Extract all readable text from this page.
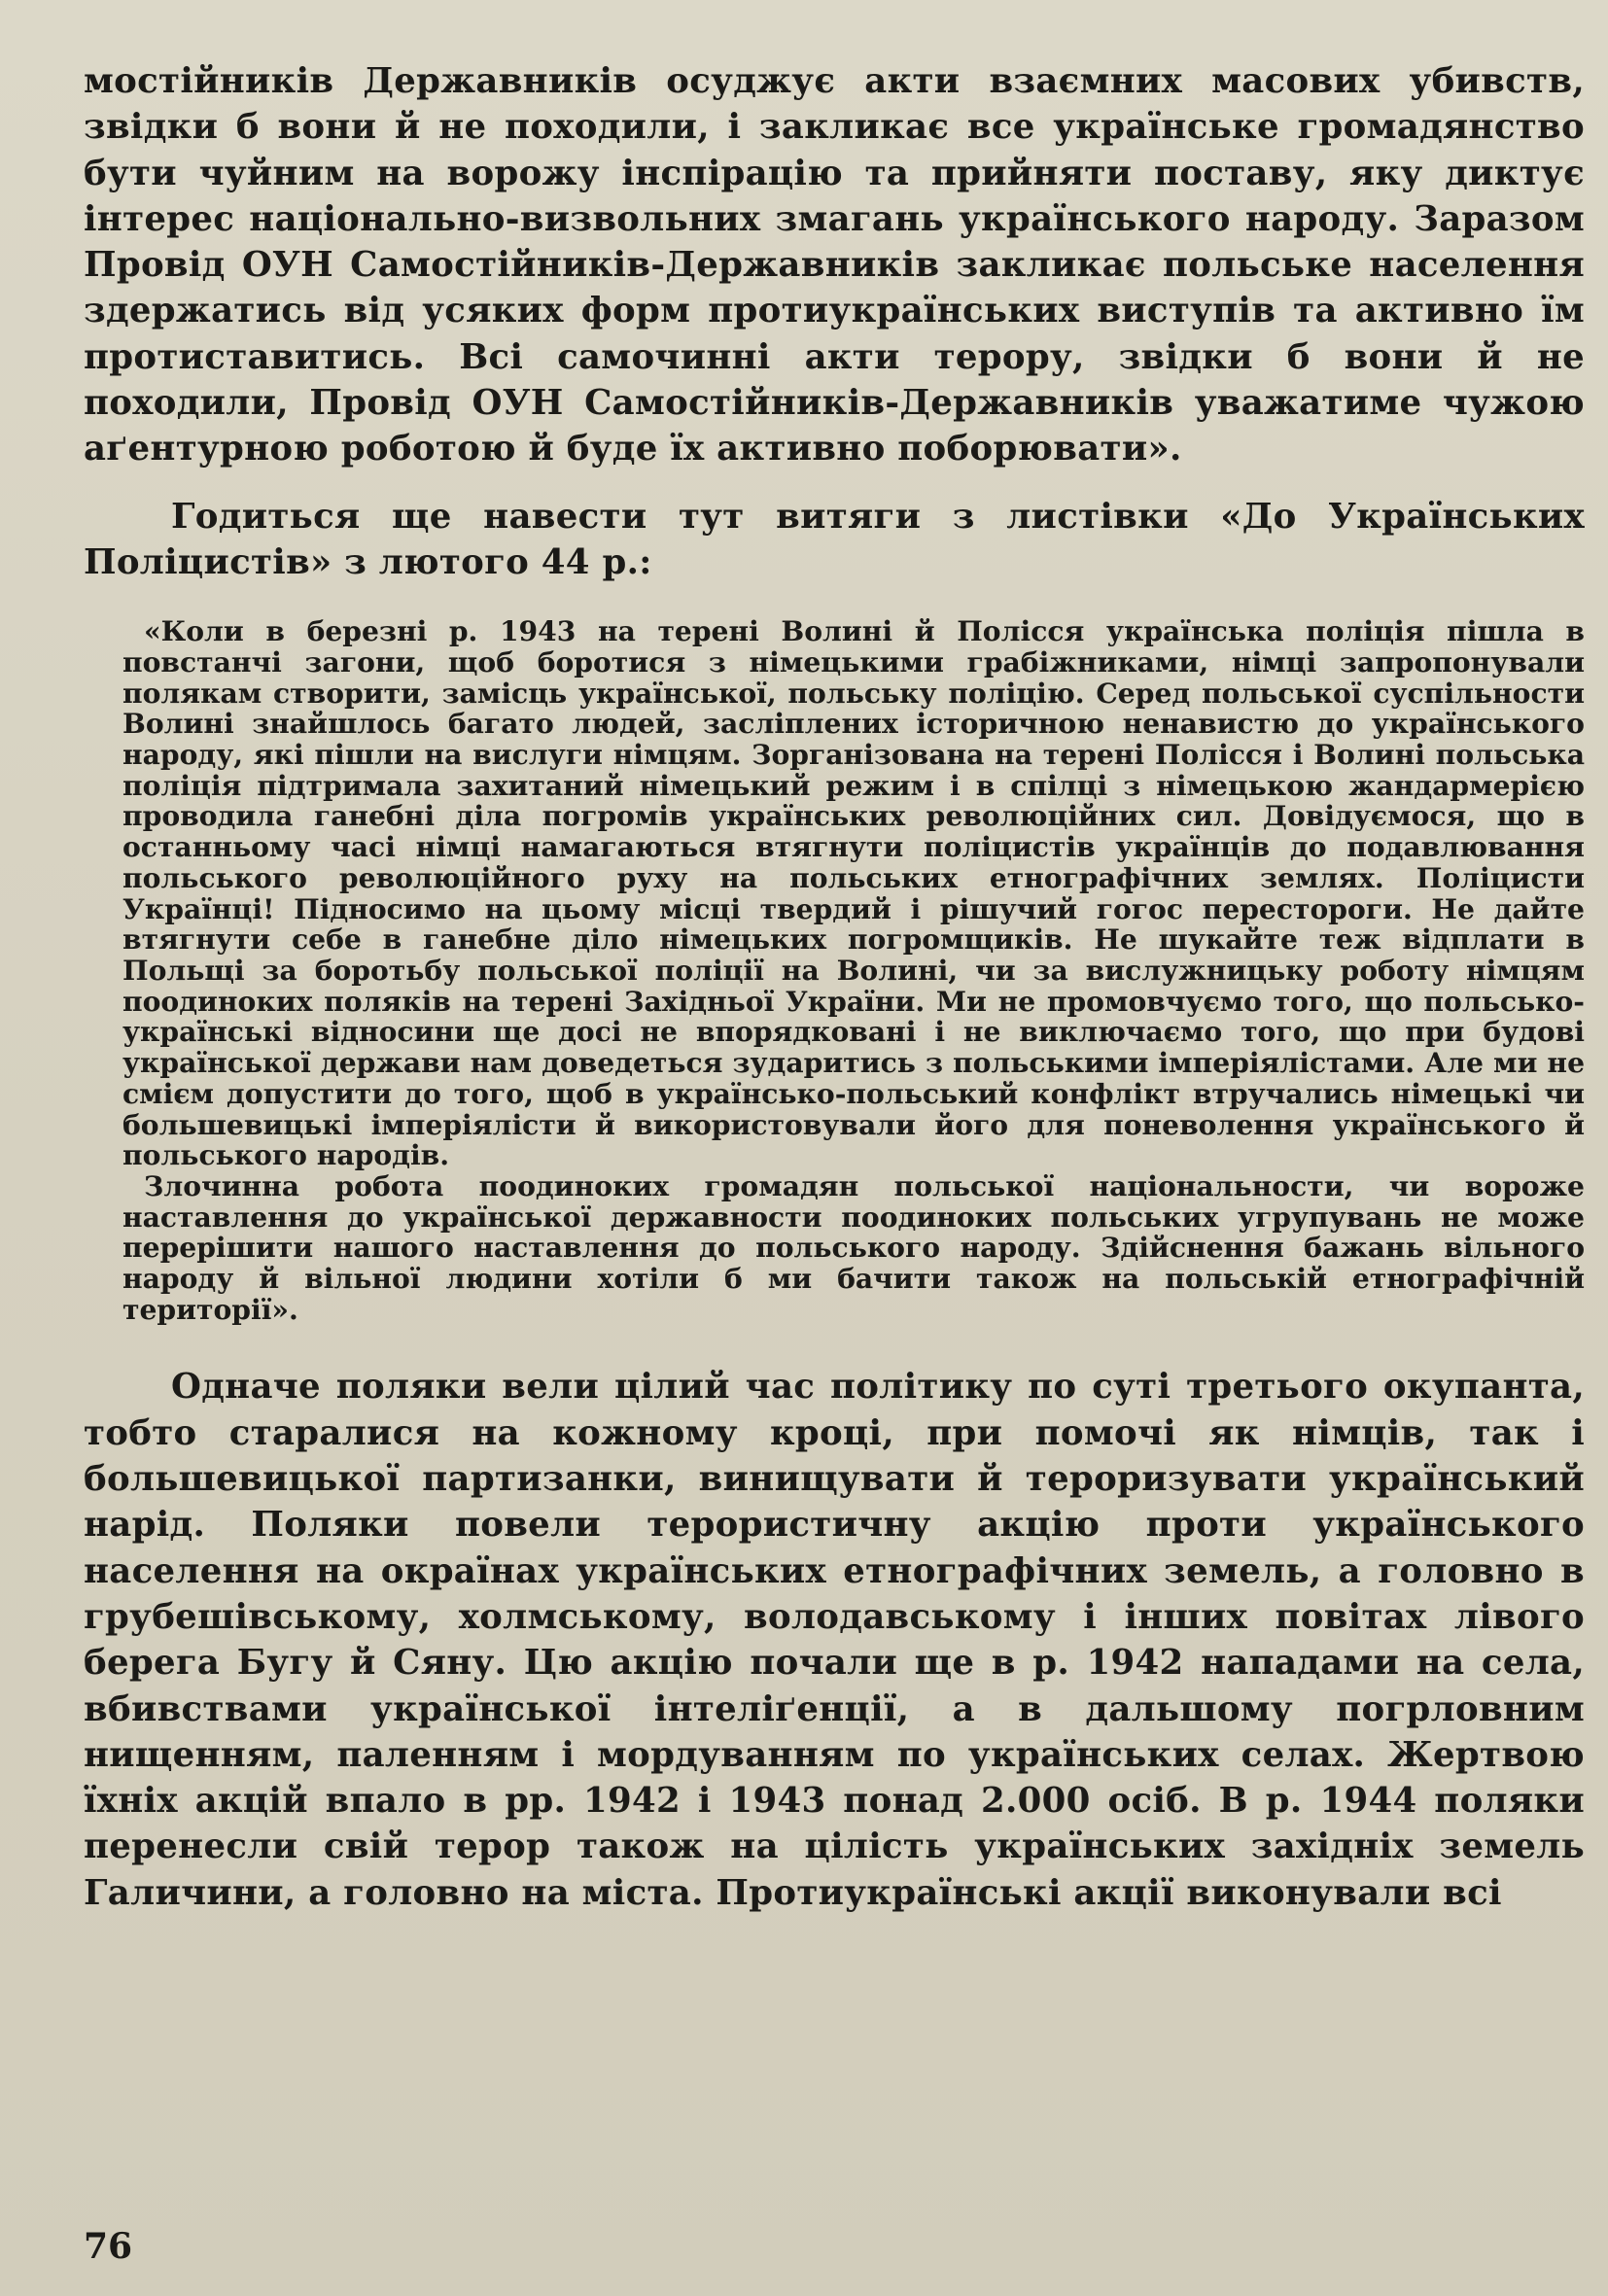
мостійників Державників осуджує акти взаємних масових убивств, звідки б вони й не походили, і закликає все українське громадянство бути чуйним на ворожу інспірацію та прийняти поставу, яку диктує інтерес національно-визвольних змагань українського народу. Заразом Провід ОУН Самостійників-Державників закликає польське населення здержатись від усяких форм протиукраїнських виступів та активно їм протиставитись. Всі самочинні акти терору, звідки б вони й не походили, Провід ОУН Самостійників-Державників уважатиме чужою аґентурною роботою й буде їх активно поборювати».

Годиться ще навести тут витяги з листівки «До Українських Поліцистів» з лютого 44 р.:

«Коли в березні р. 1943 на терені Волині й Полісся українська поліція пішла в повстанчі загони, щоб боротися з німецькими грабіжниками, німці запропонували полякам створити, замісць української, польську поліцію. Серед польської суспільности Волині знайшлось багато людей, засліплених історичною ненавистю до українського народу, які пішли на вислуги німцям. Зорганізована на терені Полісся і Волині польська поліція підтримала захитаний німецький режим і в спілці з німецькою жандармерією проводила ганебні діла погромів українських революційних сил. Довідуємося, що в останньому часі німці намагаються втягнути поліцистів українців до подавлювання польського революційного руху на польських етнографічних землях. Поліцисти Українці! Підносимо на цьому місці твердий і рішучий гогос перестороги. Не дайте втягнути себе в ганебне діло німецьких погромщиків. Не шукайте теж відплати в Польщі за боротьбу польської поліції на Волині, чи за вислужницьку роботу німцям поодиноких поляків на терені Західньої України. Ми не промовчуємо того, що польсько-українські відносини ще досі не впорядковані і не виключаємо того, що при будові української держави нам доведеться зударитись з польськими імперіялістами. Але ми не смієм допустити до того, щоб в українсько-польський конфлікт втручались німецькі чи большевицькі імперіялісти й використовували його для поневолення українського й польського народів.

Злочинна робота поодиноких громадян польської національности, чи вороже наставлення до української державности поодиноких польських угрупувань не може перерішити нашого наставлення до польського народу. Здійснення бажань вільного народу й вільної людини хотіли б ми бачити також на польській етнографічній території».

Одначе поляки вели цілий час політику по суті третього окупанта, тобто старалися на кожному кроці, при помочі як німців, так і большевицької партизанки, винищувати й тероризувати український нарід. Поляки повели терористичну акцію проти українського населення на окраїнах українських етнографічних земель, а головно в грубешівському, холмському, володавському і інших повітах лівого берега Бугу й Сяну. Цю акцію почали ще в р. 1942 нападами на села, вбивствами української інтеліґенції, а в дальшому погрловним нищенням, паленням і мордуванням по українських селах. Жертвою їхніх акцій впало в рр. 1942 і 1943 понад 2.000 осіб. В р. 1944 поляки перенесли свій терор також на цілість українських західніх земель Галичини, а головно на міста. Протиукраїнські акції виконували всі

76
